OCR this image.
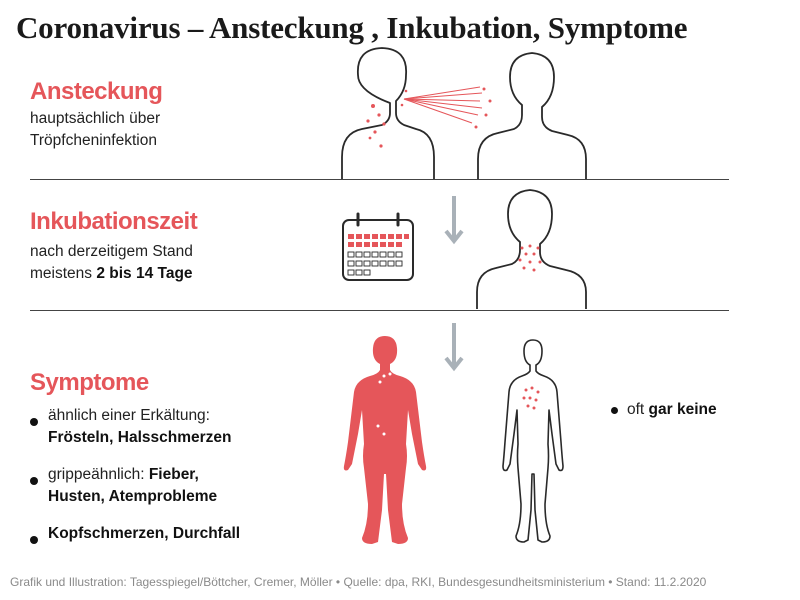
Coronavirus – Ansteckung , Inkubation, Symptome
Ansteckung
hauptsächlich über
Tröpfcheninfektion
Inkubationszeit
nach derzeitigem Stand
meistens 2 bis 14 Tage
Symptome
ähnlich einer Erkältung:
Frösteln, Halsschmerzen
grippeähnlich: Fieber,
Husten, Atemprobleme
Kopfschmerzen, Durchfall
oft gar keine
Grafik und Illustration: Tagesspiegel/Böttcher, Cremer, Möller • Quelle: dpa, RKI, Bundesgesundheitsministerium • Stand: 11.2.2020
